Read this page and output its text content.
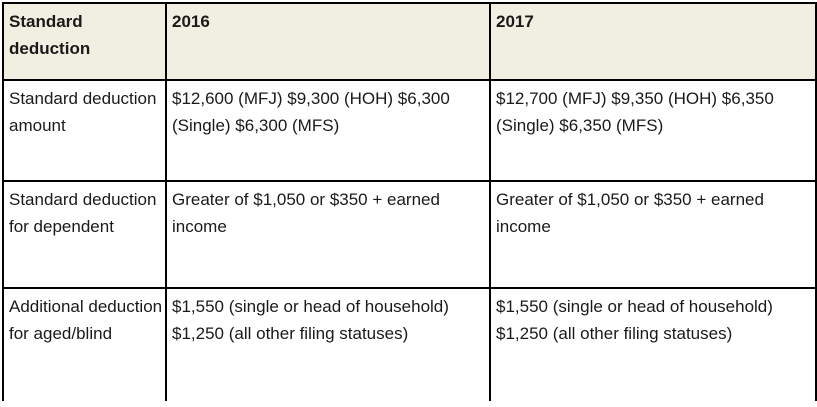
Standard deduction	2016	2017
Standard deduction amount	$12,600 (MFJ) $9,300 (HOH) $6,300 (Single) $6,300 (MFS)	$12,700 (MFJ) $9,350 (HOH) $6,350 (Single) $6,350 (MFS)
Standard deduction for dependent	Greater of $1,050 or $350 + earned income	Greater of $1,050 or $350 + earned income
Additional deduction for aged/blind	$1,550 (single or head of household) $1,250 (all other filing statuses)	$1,550 (single or head of household) $1,250 (all other filing statuses)
